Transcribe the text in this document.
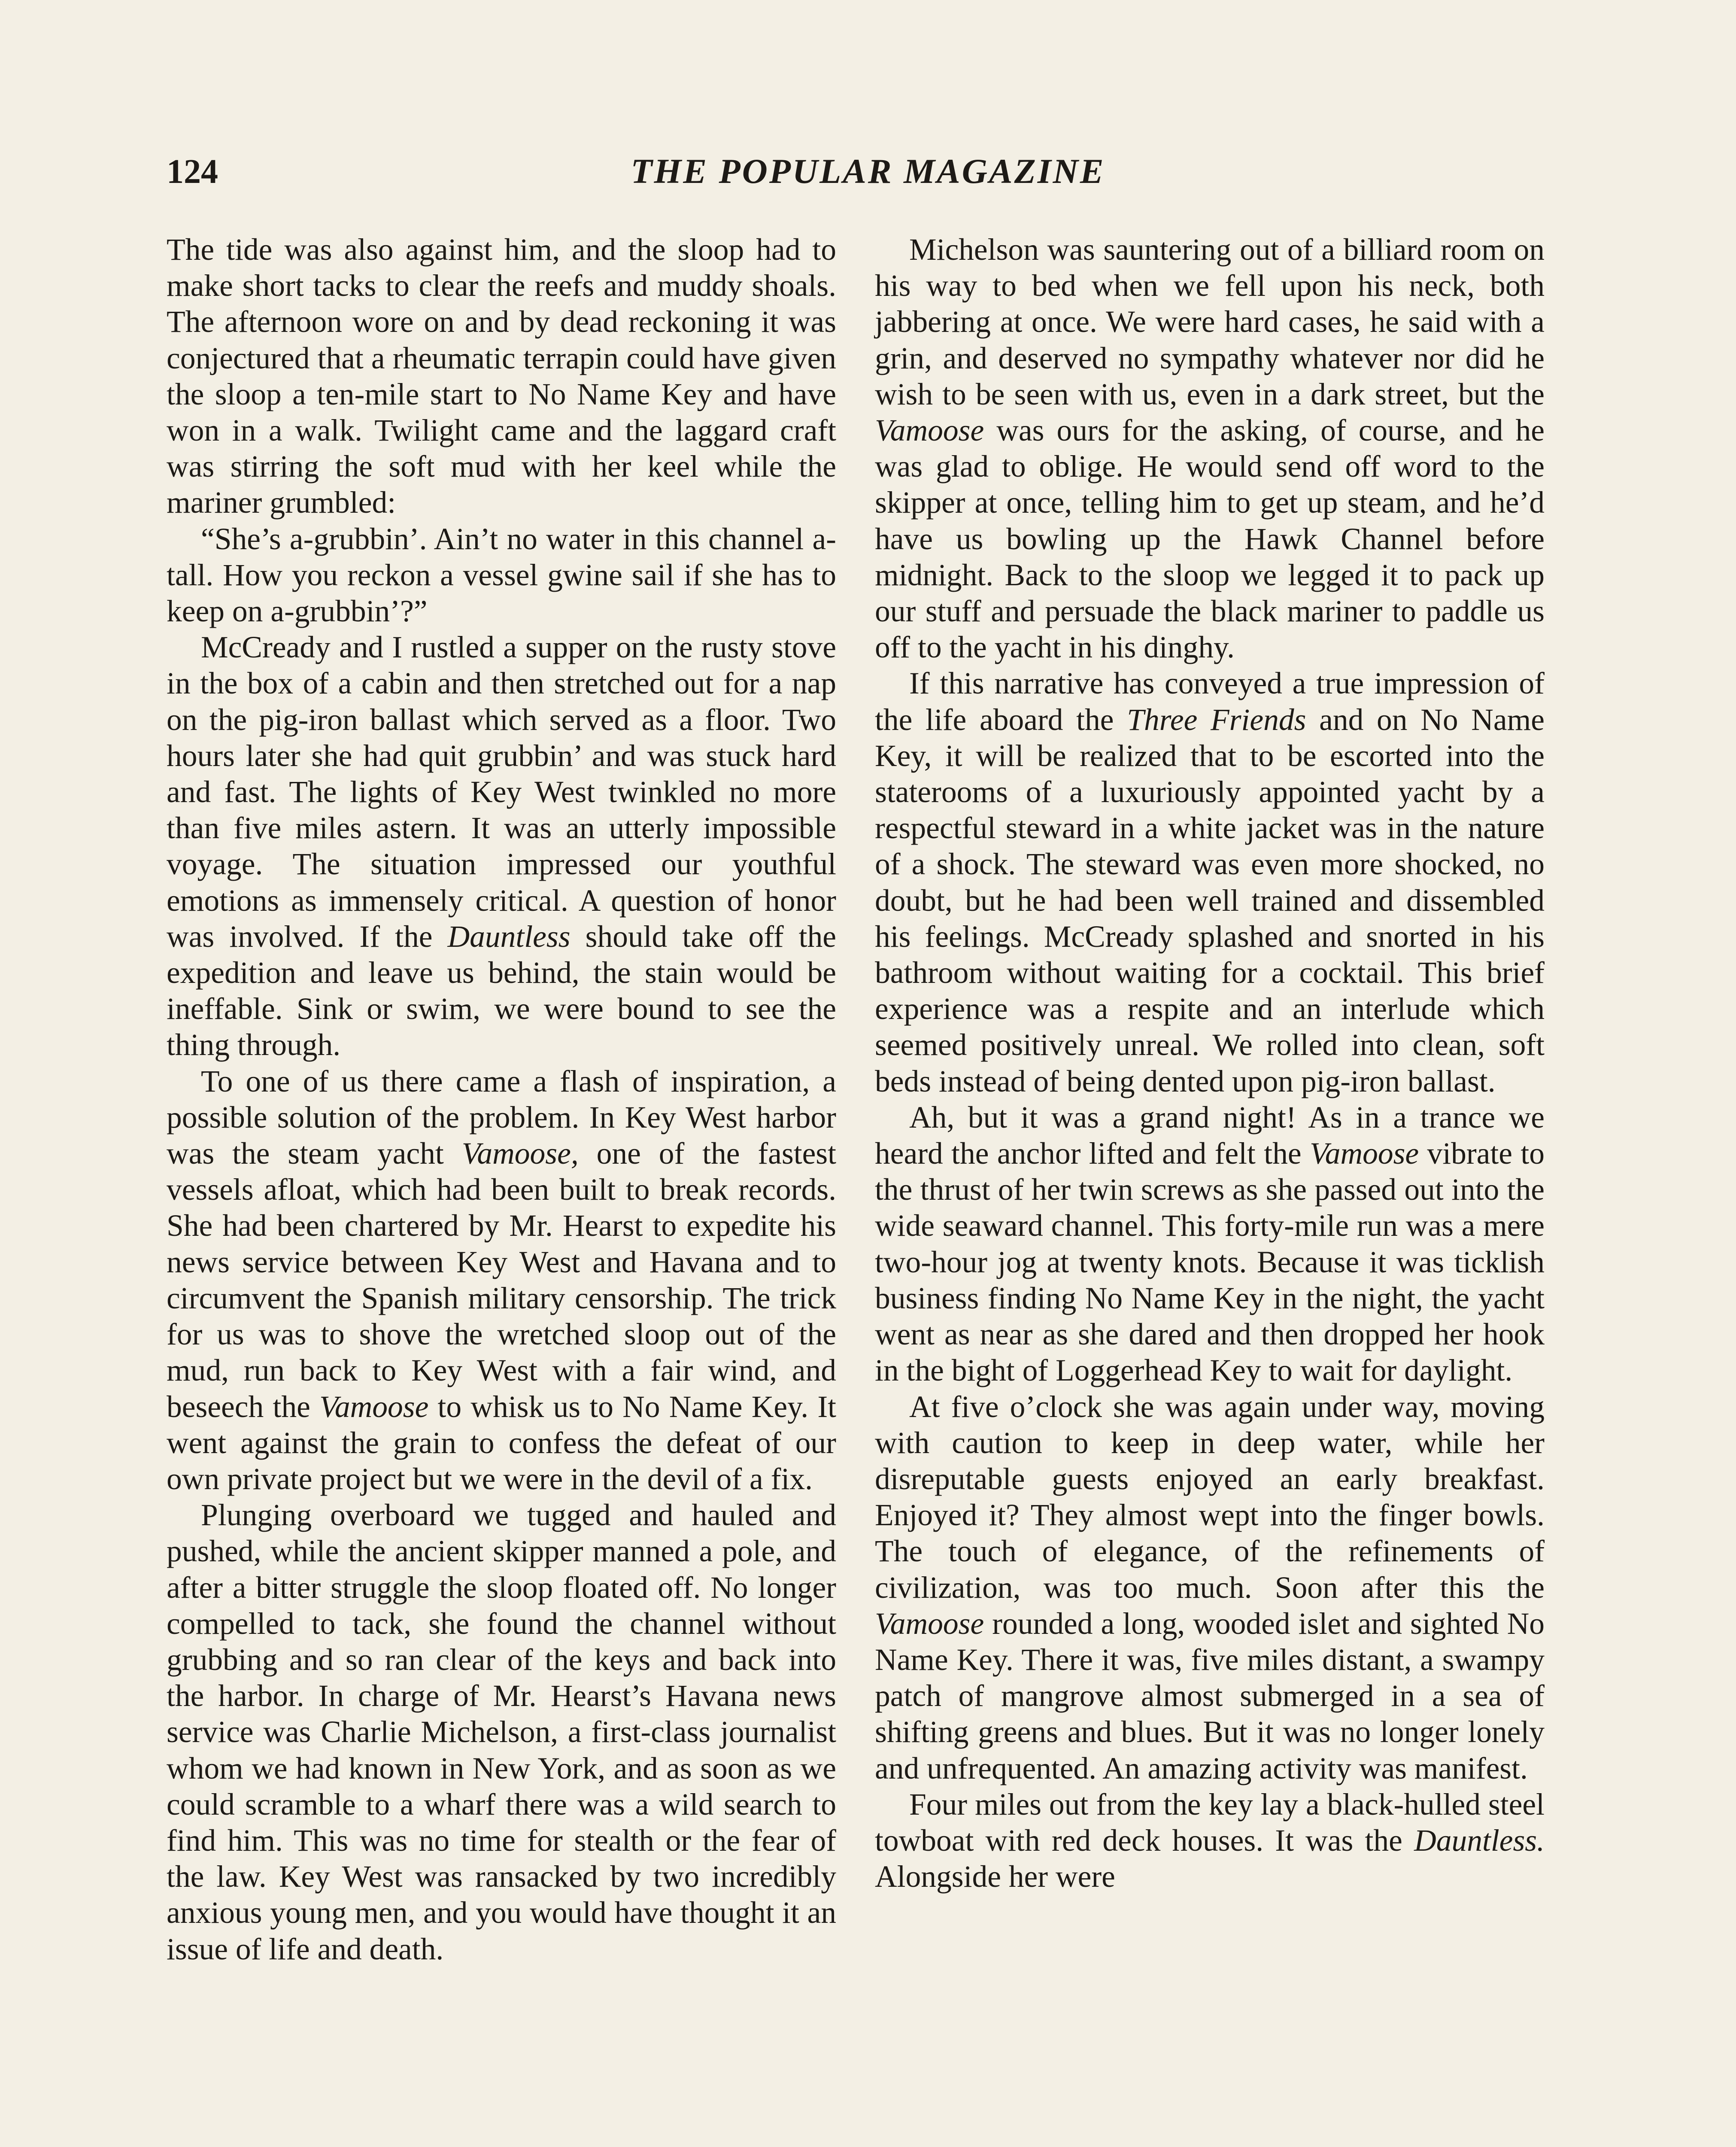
124	THE POPULAR MAGAZINE

The tide was also against him, and the sloop had to make short tacks to clear the reefs and muddy shoals. The afternoon wore on and by dead reckoning it was conjectured that a rheumatic terrapin could have given the sloop a ten-mile start to No Name Key and have won in a walk. Twilight came and the laggard craft was stirring the soft mud with her keel while the mariner grumbled:

“She’s a-grubbin’. Ain’t no water in this channel a-tall. How you reckon a vessel gwine sail if she has to keep on a-grubbin’?”

McCready and I rustled a supper on the rusty stove in the box of a cabin and then stretched out for a nap on the pig-iron ballast which served as a floor. Two hours later she had quit grubbin’ and was stuck hard and fast. The lights of Key West twinkled no more than five miles astern. It was an utterly impossible voyage. The situation impressed our youthful emotions as immensely critical. A question of honor was involved. If the Dauntless should take off the expedition and leave us behind, the stain would be ineffable. Sink or swim, we were bound to see the thing through.

To one of us there came a flash of inspiration, a possible solution of the problem. In Key West harbor was the steam yacht Vamoose, one of the fastest vessels afloat, which had been built to break records. She had been chartered by Mr. Hearst to expedite his news service between Key West and Havana and to circumvent the Spanish military censorship. The trick for us was to shove the wretched sloop out of the mud, run back to Key West with a fair wind, and beseech the Vamoose to whisk us to No Name Key. It went against the grain to confess the defeat of our own private project but we were in the devil of a fix.

Plunging overboard we tugged and hauled and pushed, while the ancient skipper manned a pole, and after a bitter struggle the sloop floated off. No longer compelled to tack, she found the channel without grubbing and so ran clear of the keys and back into the harbor. In charge of Mr. Hearst’s Havana news service was Charlie Michelson, a first-class journalist whom we had known in New York, and as soon as we could scramble to a wharf there was a wild search to find him. This was no time for stealth or the fear of the law. Key West was ransacked by two incredibly anxious young men, and you would have thought it an issue of life and death.

Michelson was sauntering out of a billiard room on his way to bed when we fell upon his neck, both jabbering at once. We were hard cases, he said with a grin, and deserved no sympathy whatever nor did he wish to be seen with us, even in a dark street, but the Vamoose was ours for the asking, of course, and he was glad to oblige. He would send off word to the skipper at once, telling him to get up steam, and he’d have us bowling up the Hawk Channel before midnight. Back to the sloop we legged it to pack up our stuff and persuade the black mariner to paddle us off to the yacht in his dinghy.

If this narrative has conveyed a true impression of the life aboard the Three Friends and on No Name Key, it will be realized that to be escorted into the staterooms of a luxuriously appointed yacht by a respectful steward in a white jacket was in the nature of a shock. The steward was even more shocked, no doubt, but he had been well trained and dissembled his feelings. McCready splashed and snorted in his bathroom without waiting for a cocktail. This brief experience was a respite and an interlude which seemed positively unreal. We rolled into clean, soft beds instead of being dented upon pig-iron ballast.

Ah, but it was a grand night! As in a trance we heard the anchor lifted and felt the Vamoose vibrate to the thrust of her twin screws as she passed out into the wide seaward channel. This forty-mile run was a mere two-hour jog at twenty knots. Because it was ticklish business finding No Name Key in the night, the yacht went as near as she dared and then dropped her hook in the bight of Loggerhead Key to wait for daylight.

At five o’clock she was again under way, moving with caution to keep in deep water, while her disreputable guests enjoyed an early breakfast. Enjoyed it? They almost wept into the finger bowls. The touch of elegance, of the refinements of civilization, was too much. Soon after this the Vamoose rounded a long, wooded islet and sighted No Name Key. There it was, five miles distant, a swampy patch of mangrove almost submerged in a sea of shifting greens and blues. But it was no longer lonely and unfrequented. An amazing activity was manifest.

Four miles out from the key lay a black-hulled steel towboat with red deck houses. It was the Dauntless. Alongside her were
